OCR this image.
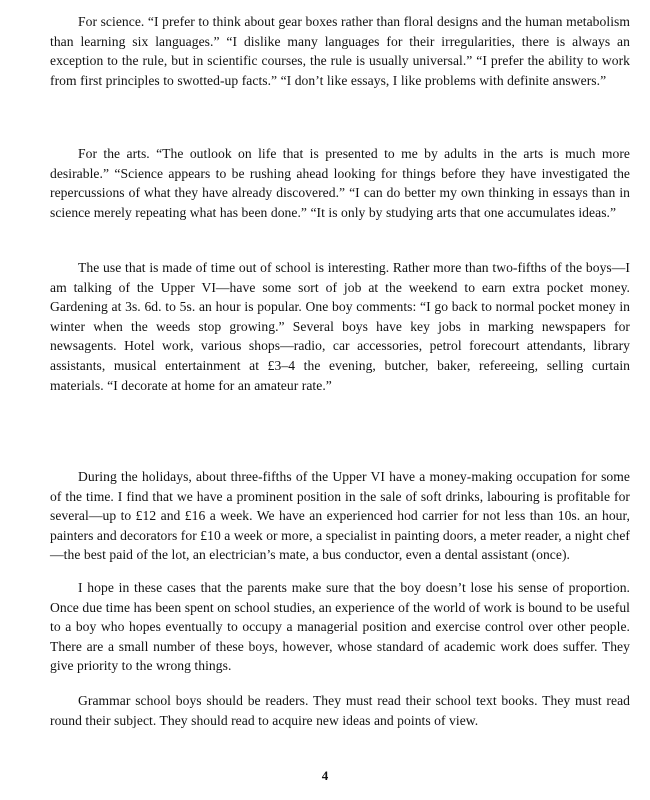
For science. “I prefer to think about gear boxes rather than floral designs and the human metabolism than learning six languages.” “I dislike many languages for their irregularities, there is always an exception to the rule, but in scientific courses, the rule is usually universal.” “I prefer the ability to work from first principles to swotted-up facts.” “I don’t like essays, I like problems with definite answers.”

For the arts. “The outlook on life that is presented to me by adults in the arts is much more desirable.” “Science appears to be rushing ahead looking for things before they have investigated the repercussions of what they have already discovered.” “I can do better my own thinking in essays than in science merely repeating what has been done.” “It is only by studying arts that one accumulates ideas.”

The use that is made of time out of school is interesting. Rather more than two-fifths of the boys—I am talking of the Upper VI—have some sort of job at the weekend to earn extra pocket money. Gardening at 3s. 6d. to 5s. an hour is popular. One boy comments: “I go back to normal pocket money in winter when the weeds stop growing.” Several boys have key jobs in marking newspapers for newsagents. Hotel work, various shops—radio, car accessories, petrol forecourt attendants, library assistants, musical entertainment at £3–4 the evening, butcher, baker, refereeing, selling curtain materials. “I decorate at home for an amateur rate.”

During the holidays, about three-fifths of the Upper VI have a money-making occupation for some of the time. I find that we have a prominent position in the sale of soft drinks, labouring is profitable for several—up to £12 and £16 a week. We have an experienced hod carrier for not less than 10s. an hour, painters and decorators for £10 a week or more, a specialist in painting doors, a meter reader, a night chef—the best paid of the lot, an electrician’s mate, a bus conductor, even a dental assistant (once).

I hope in these cases that the parents make sure that the boy doesn’t lose his sense of proportion. Once due time has been spent on school studies, an experience of the world of work is bound to be useful to a boy who hopes eventually to occupy a managerial position and exercise control over other people. There are a small number of these boys, however, whose standard of academic work does suffer. They give priority to the wrong things.

Grammar school boys should be readers. They must read their school text books. They must read round their subject. They should read to acquire new ideas and points of view.

4
